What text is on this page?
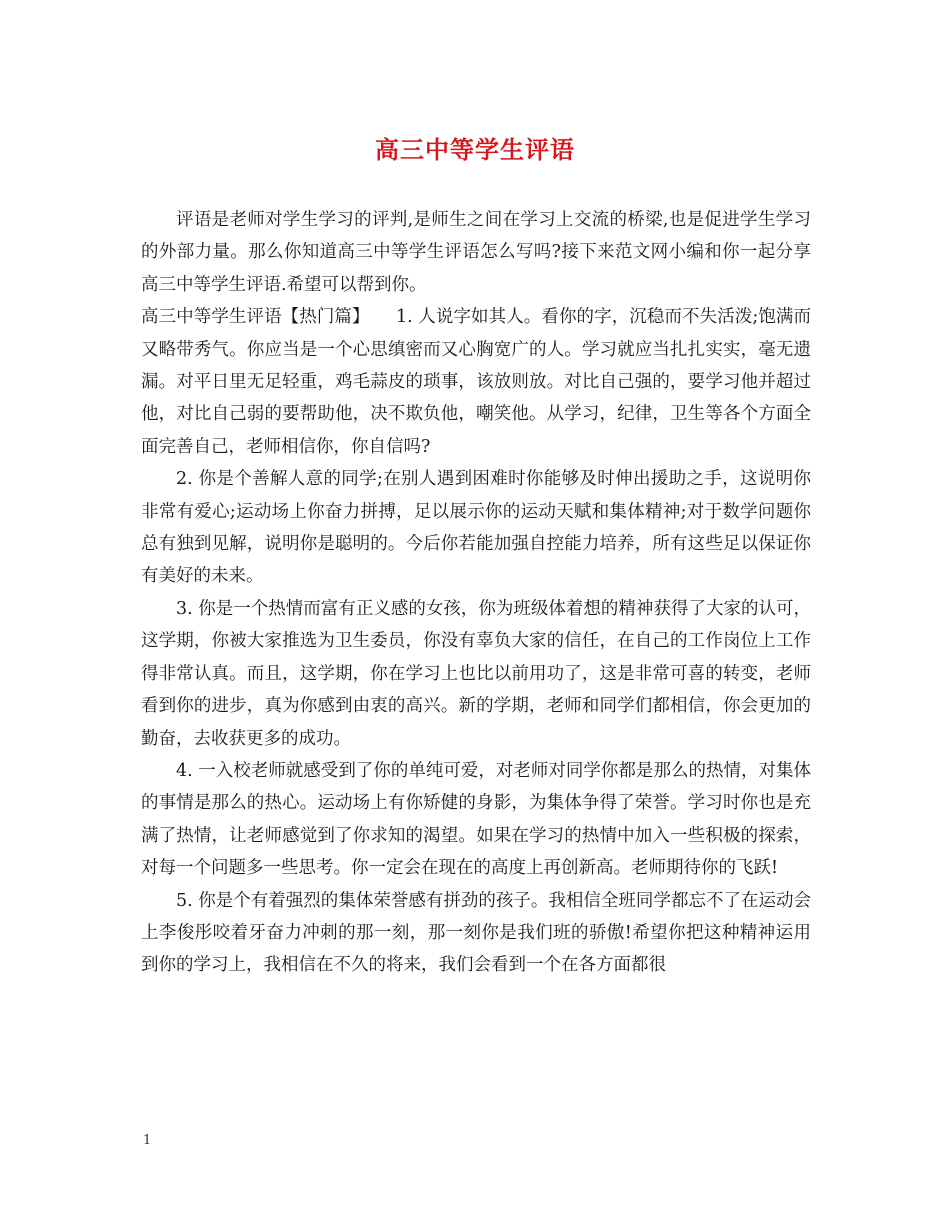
高三中等学生评语

评语是老师对学生学习的评判,是师生之间在学习上交流的桥梁,也是促进学生学习的外部力量。那么你知道高三中等学生评语怎么写吗?接下来范文网小编和你一起分享高三中等学生评语.希望可以帮到你。

高三中等学生评语【热门篇】　　1. 人说字如其人。看你的字，沉稳而不失活泼;饱满而又略带秀气。你应当是一个心思缜密而又心胸宽广的人。学习就应当扎扎实实，毫无遗漏。对平日里无足轻重，鸡毛蒜皮的琐事，该放则放。对比自己强的，要学习他并超过他，对比自己弱的要帮助他，决不欺负他，嘲笑他。从学习，纪律，卫生等各个方面全面完善自己，老师相信你，你自信吗?

2. 你是个善解人意的同学;在别人遇到困难时你能够及时伸出援助之手，这说明你非常有爱心;运动场上你奋力拼搏，足以展示你的运动天赋和集体精神;对于数学问题你总有独到见解，说明你是聪明的。今后你若能加强自控能力培养，所有这些足以保证你有美好的未来。

3. 你是一个热情而富有正义感的女孩，你为班级体着想的精神获得了大家的认可，这学期，你被大家推选为卫生委员，你没有辜负大家的信任，在自己的工作岗位上工作得非常认真。而且，这学期，你在学习上也比以前用功了，这是非常可喜的转变，老师看到你的进步，真为你感到由衷的高兴。新的学期，老师和同学们都相信，你会更加的勤奋，去收获更多的成功。

4. 一入校老师就感受到了你的单纯可爱，对老师对同学你都是那么的热情，对集体的事情是那么的热心。运动场上有你矫健的身影，为集体争得了荣誉。学习时你也是充满了热情，让老师感觉到了你求知的渴望。如果在学习的热情中加入一些积极的探索，对每一个问题多一些思考。你一定会在现在的高度上再创新高。老师期待你的飞跃!

5. 你是个有着强烈的集体荣誉感有拼劲的孩子。我相信全班同学都忘不了在运动会上李俊彤咬着牙奋力冲刺的那一刻，那一刻你是我们班的骄傲!希望你把这种精神运用到你的学习上，我相信在不久的将来，我们会看到一个在各方面都很

1
